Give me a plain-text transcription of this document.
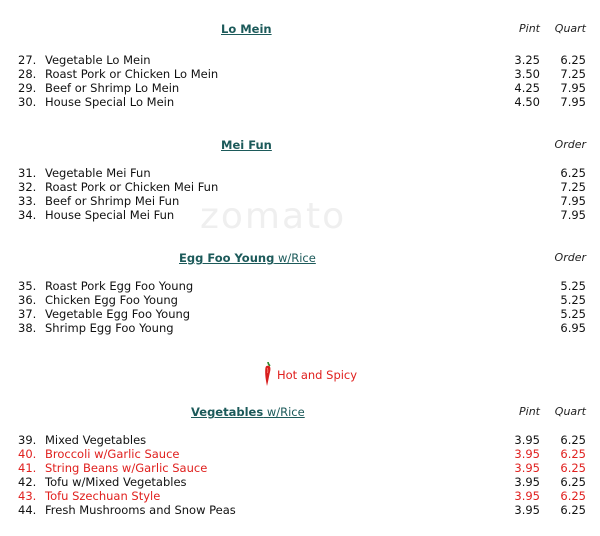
zomato
Lo Mein	Pint Quart
27. Vegetable Lo Mein	3.25 6.25
28. Roast Pork or Chicken Lo Mein	3.50 7.25
29. Beef or Shrimp Lo Mein	4.25 7.95
30. House Special Lo Mein	4.50 7.95
Mei Fun	Order
31. Vegetable Mei Fun	6.25
32. Roast Pork or Chicken Mei Fun	7.25
33. Beef or Shrimp Mei Fun	7.95
34. House Special Mei Fun	7.95
Egg Foo Young w/Rice	Order
35. Roast Pork Egg Foo Young	5.25
36. Chicken Egg Foo Young	5.25
37. Vegetable Egg Foo Young	5.25
38. Shrimp Egg Foo Young	6.95
Hot and Spicy
Vegetables w/Rice	Pint Quart
39. Mixed Vegetables	3.95 6.25
40. Broccoli w/Garlic Sauce	3.95 6.25
41. String Beans w/Garlic Sauce	3.95 6.25
42. Tofu w/Mixed Vegetables	3.95 6.25
43. Tofu Szechuan Style	3.95 6.25
44. Fresh Mushrooms and Snow Peas	3.95 6.25
